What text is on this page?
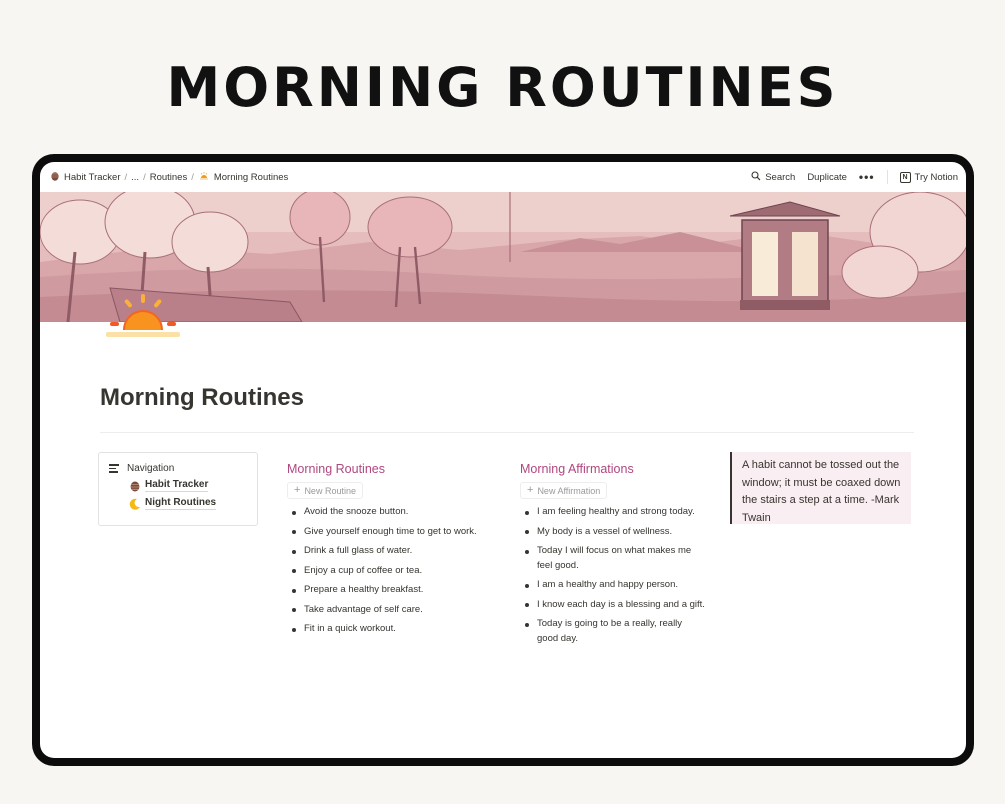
MORNING ROUTINES
Habit Tracker / ... / Routines / Morning Routines	Search Duplicate •••	N Try Notion
Morning Routines
Navigation
Habit Tracker
Night Routines
Morning Routines
+ New Routine
Avoid the snooze button.
Give yourself enough time to get to work.
Drink a full glass of water.
Enjoy a cup of coffee or tea.
Prepare a healthy breakfast.
Take advantage of self care.
Fit in a quick workout.
Morning Affirmations
+ New Affirmation
I am feeling healthy and strong today.
My body is a vessel of wellness.
Today I will focus on what makes me feel good.
I am a healthy and happy person.
I know each day is a blessing and a gift.
Today is going to be a really, really good day.
A habit cannot be tossed out the window; it must be coaxed down the stairs a step at a time. -Mark Twain
